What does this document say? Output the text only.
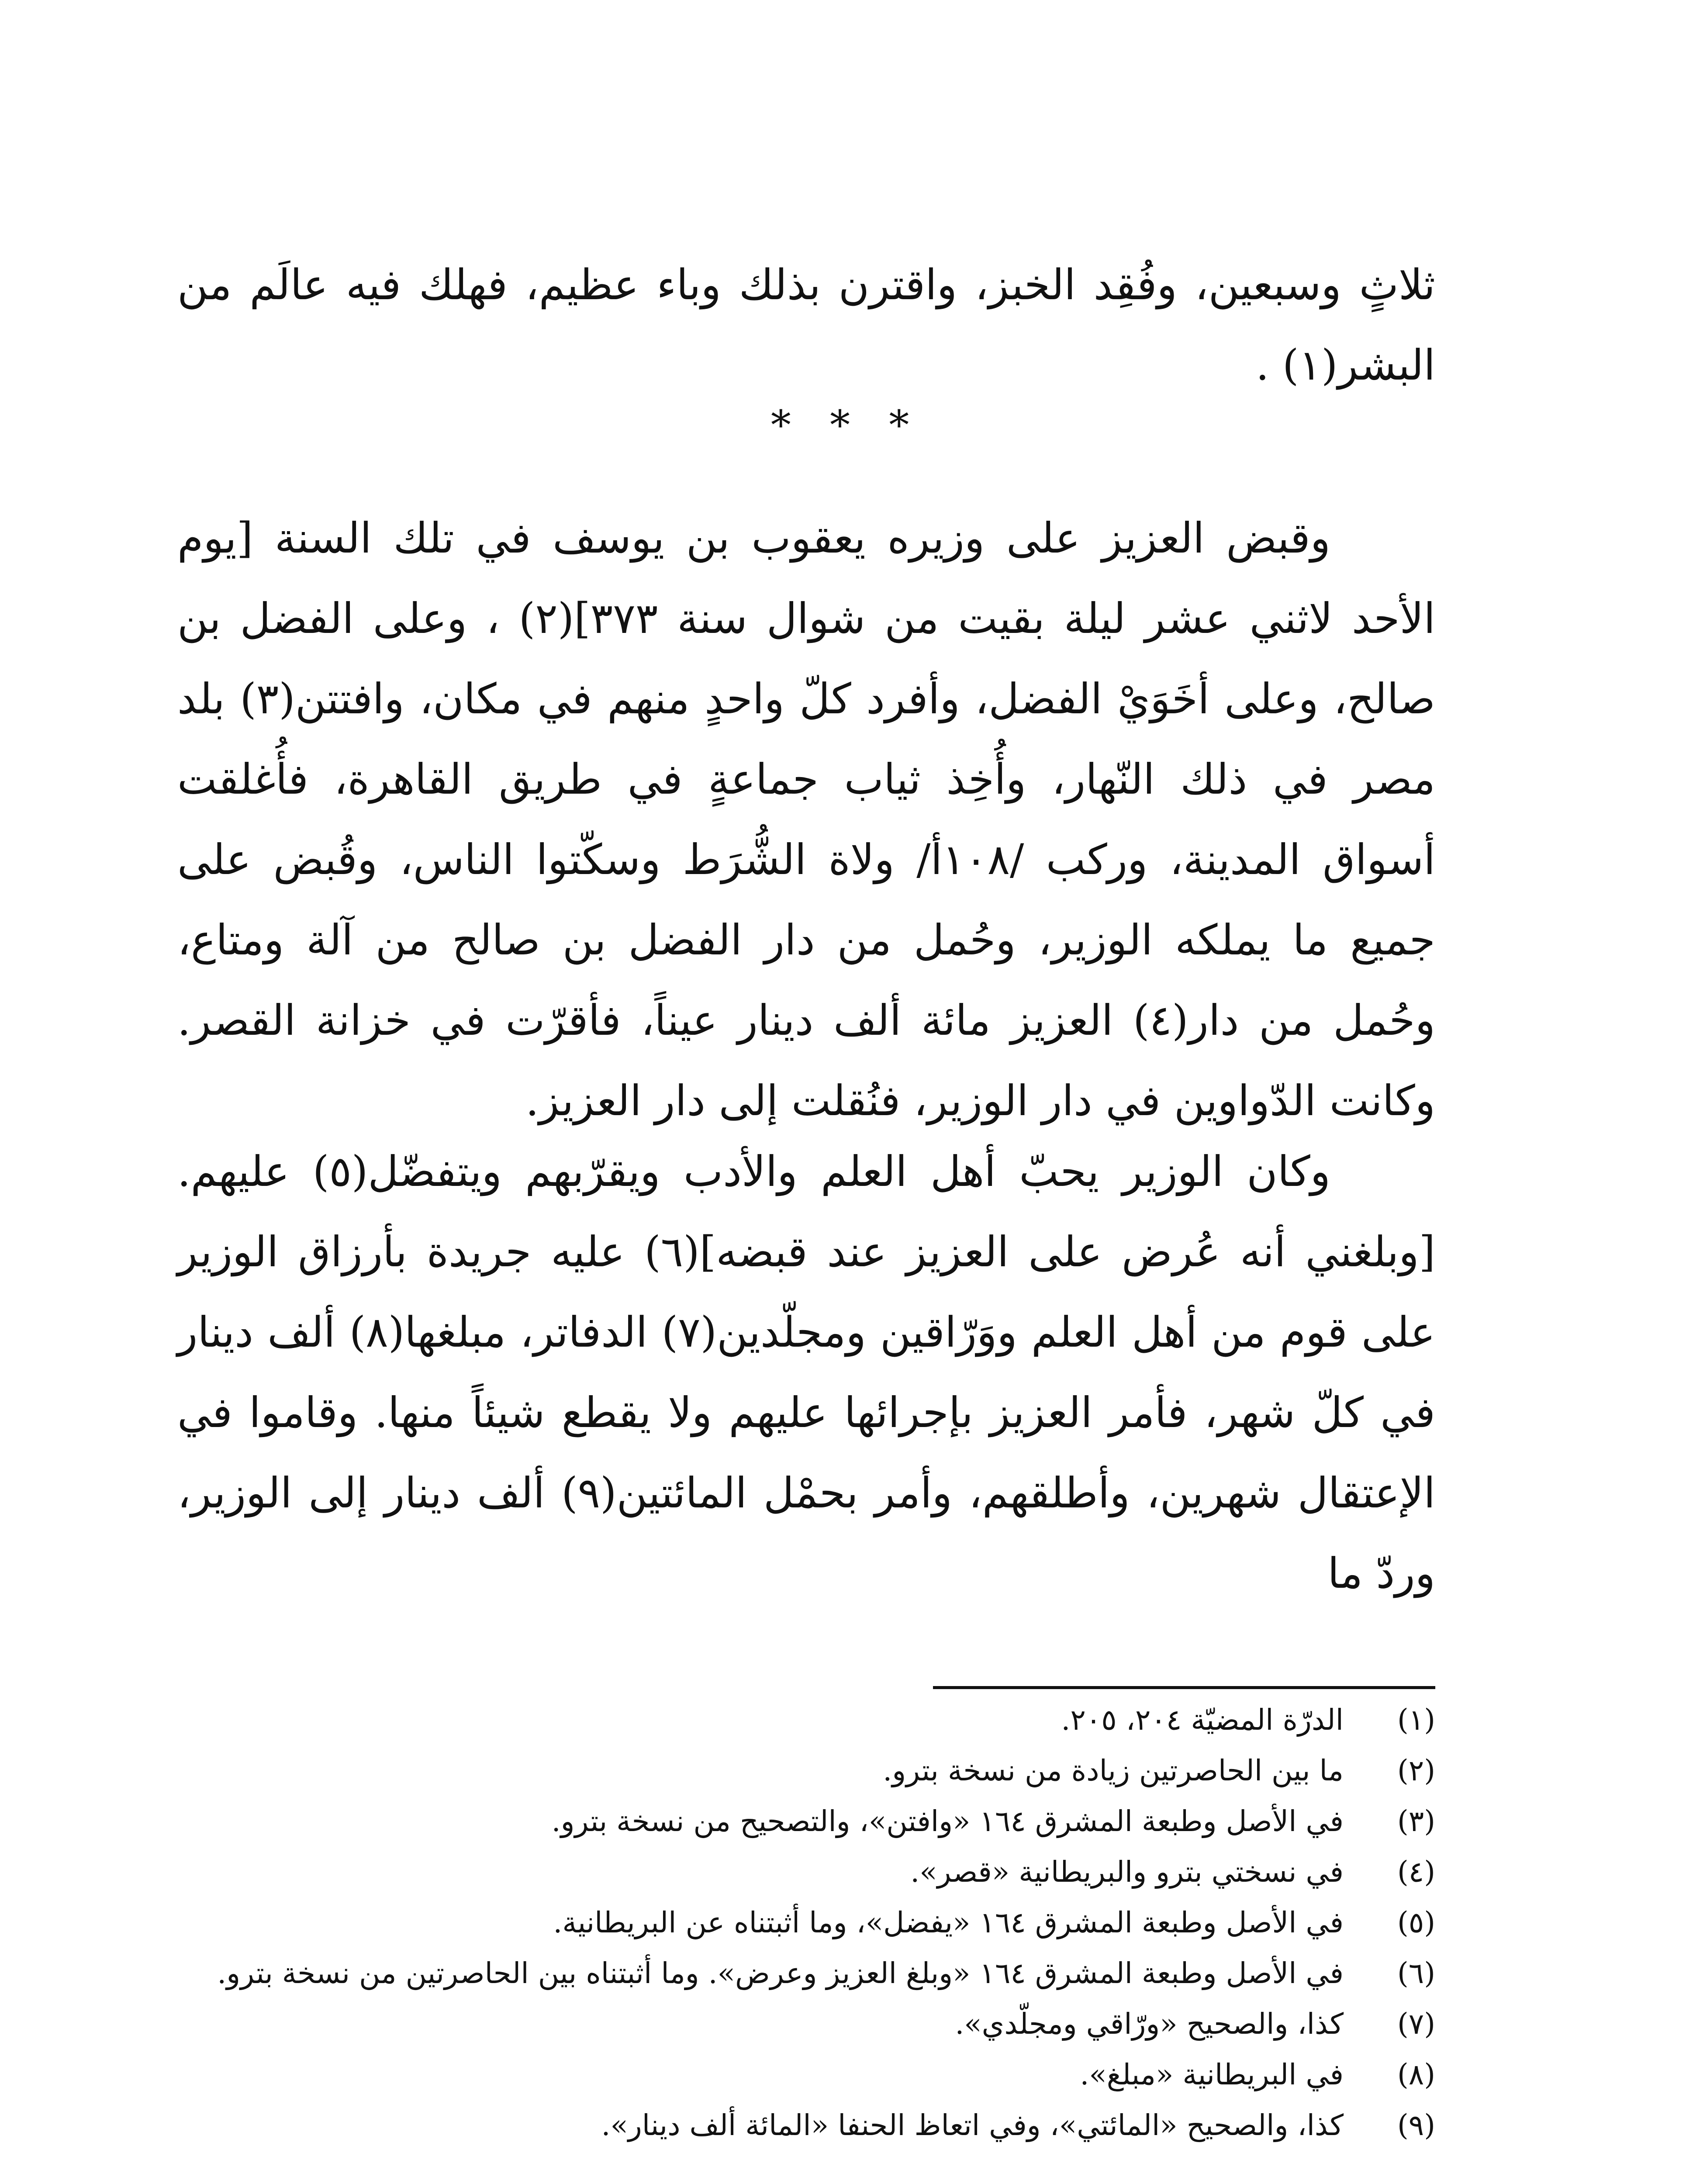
ثلاثٍ وسبعين، وفُقِد الخبز، واقترن بذلك وباء عظيم، فهلك فيه عالَم من البشر(١) .

* * *

وقبض العزيز على وزيره يعقوب بن يوسف في تلك السنة [يوم الأحد لاثني عشر ليلة بقيت من شوال سنة ٣٧٣](٢) ، وعلى الفضل بن صالح، وعلى أخَوَيْ الفضل، وأفرد كلّ واحدٍ منهم في مكان، وافتتن(٣) بلد مصر في ذلك النّهار، وأُخِذ ثياب جماعةٍ في طريق القاهرة، فأُغلقت أسواق المدينة، وركب /١٠٨أ/ ولاة الشُّرَط وسكّتوا الناس، وقُبض على جميع ما يملكه الوزير، وحُمل من دار الفضل بن صالح من آلة ومتاع، وحُمل من دار(٤) العزيز مائة ألف دينار عيناً، فأقرّت في خزانة القصر. وكانت الدّواوين في دار الوزير، فنُقلت إلى دار العزيز.

وكان الوزير يحبّ أهل العلم والأدب ويقرّبهم ويتفضّل(٥) عليهم. [وبلغني أنه عُرض على العزيز عند قبضه](٦) عليه جريدة بأرزاق الوزير على قوم من أهل العلم ووَرّاقين ومجلّدين(٧) الدفاتر، مبلغها(٨) ألف دينار في كلّ شهر، فأمر العزيز بإجرائها عليهم ولا يقطع شيئاً منها. وقاموا في الإعتقال شهرين، وأطلقهم، وأمر بحمْل المائتين(٩) ألف دينار إلى الوزير، وردّ ما

(١)
الدرّة المضيّة ٢٠٤، ٢٠٥.
(٢)
ما بين الحاصرتين زيادة من نسخة بترو.
(٣)
في الأصل وطبعة المشرق ١٦٤ «وافتن»، والتصحيح من نسخة بترو.
(٤)
في نسختي بترو والبريطانية «قصر».
(٥)
في الأصل وطبعة المشرق ١٦٤ «يفضل»، وما أثبتناه عن البريطانية.
(٦)
في الأصل وطبعة المشرق ١٦٤ «وبلغ العزيز وعرض». وما أثبتناه بين الحاصرتين من نسخة بترو.
(٧)
كذا، والصحيح «ورّاقي ومجلّدي».
(٨)
في البريطانية «مبلغ».
(٩)
كذا، والصحيح «المائتي»، وفي اتعاظ الحنفا «المائة ألف دينار».
